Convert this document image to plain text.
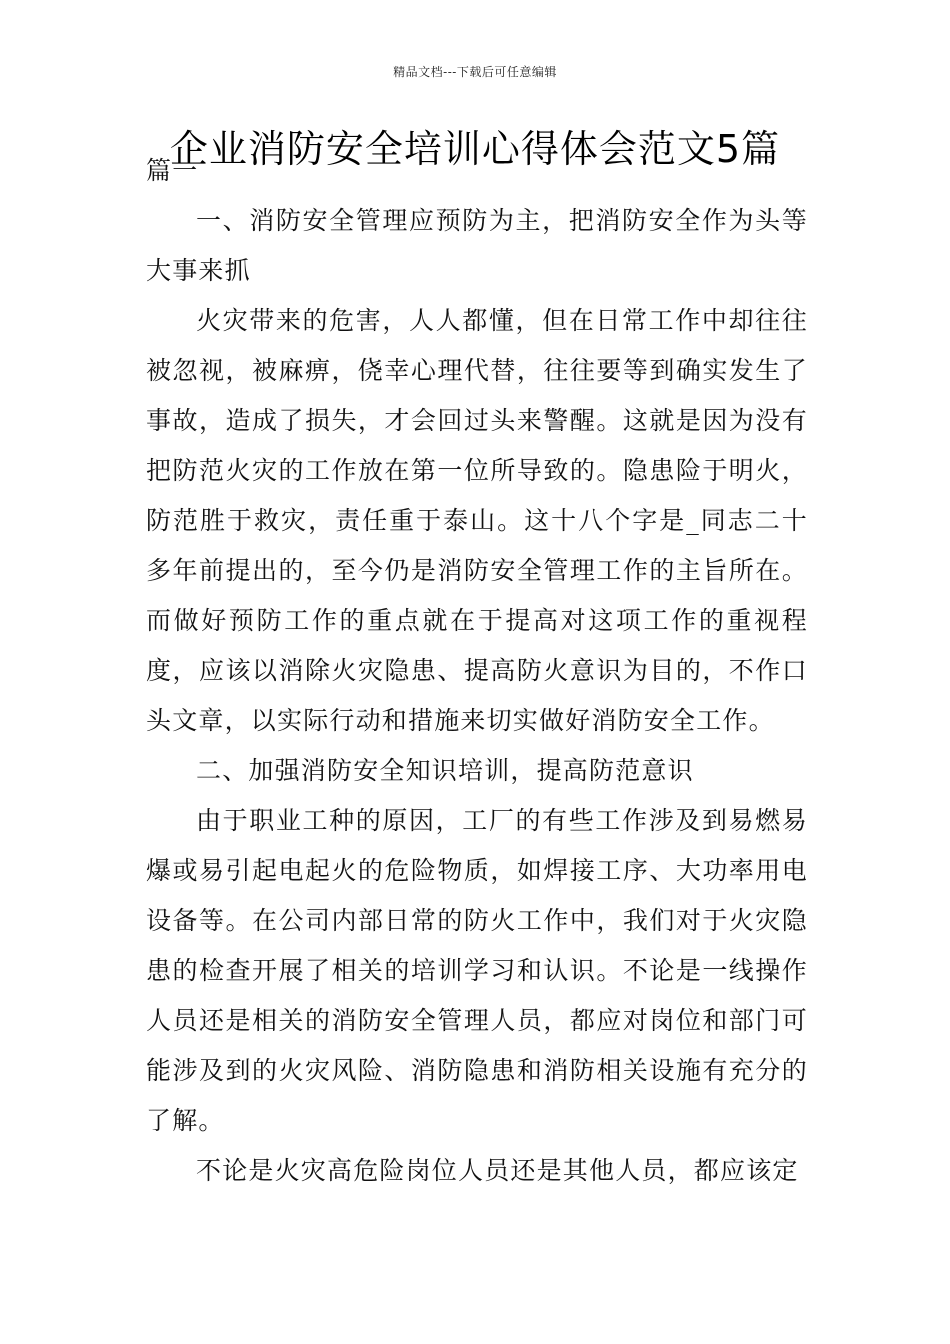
精品文档---下载后可任意编辑
企业消防安全培训心得体会范文5篇

篇一

一、消防安全管理应预防为主，把消防安全作为头等大事来抓

火灾带来的危害，人人都懂，但在日常工作中却往往被忽视，被麻痹，侥幸心理代替，往往要等到确实发生了事故，造成了损失，才会回过头来警醒。这就是因为没有把防范火灾的工作放在第一位所导致的。隐患险于明火，防范胜于救灾，责任重于泰山。这十八个字是_同志二十多年前提出的，至今仍是消防安全管理工作的主旨所在。而做好预防工作的重点就在于提高对这项工作的重视程度，应该以消除火灾隐患、提高防火意识为目的，不作口头文章，以实际行动和措施来切实做好消防安全工作。

二、加强消防安全知识培训，提高防范意识

由于职业工种的原因，工厂的有些工作涉及到易燃易爆或易引起电起火的危险物质，如焊接工序、大功率用电设备等。在公司内部日常的防火工作中，我们对于火灾隐患的检查开展了相关的培训学习和认识。不论是一线操作人员还是相关的消防安全管理人员，都应对岗位和部门可能涉及到的火灾风险、消防隐患和消防相关设施有充分的了解。

不论是火灾高危险岗位人员还是其他人员，都应该定
